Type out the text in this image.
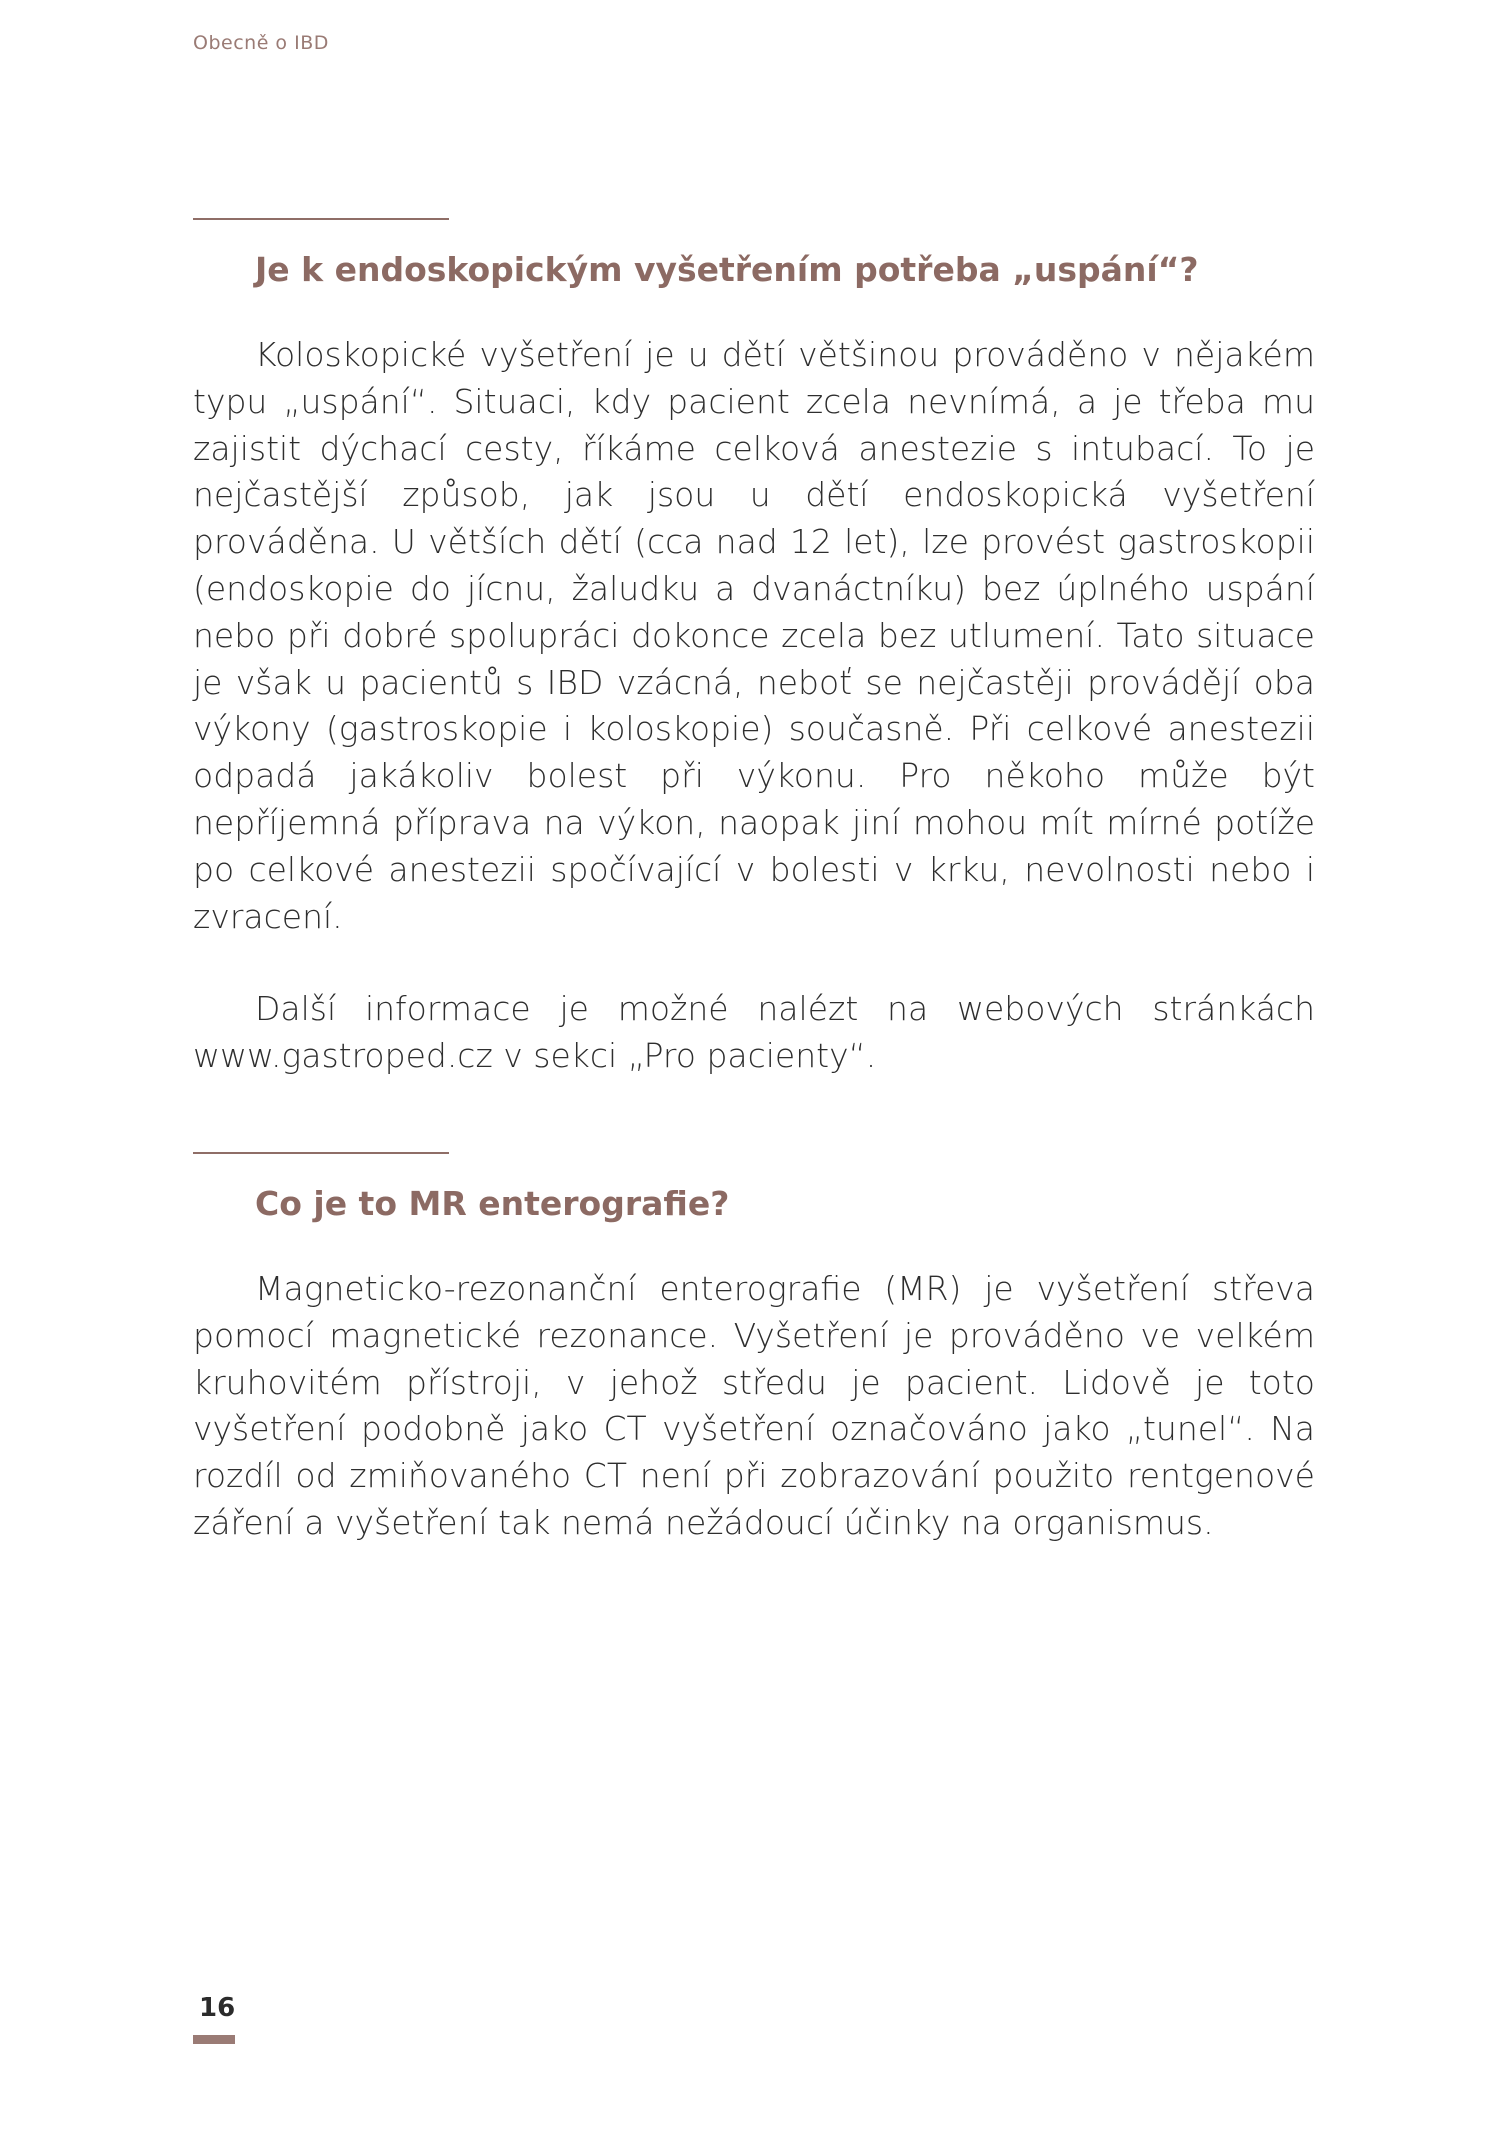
Obecně o IBD
Je k endoskopickým vyšetřením potřeba „uspání“?

Koloskopické vyšetření je u dětí většinou prováděno v nějakém typu „uspání“. Situaci, kdy pacient zcela nevnímá, a je třeba mu zajistit dýchací cesty, říkáme celková anestezie s intubací. To je nejčastější způsob, jak jsou u dětí endoskopická vyšetření prováděna. U větších dětí (cca nad 12 let), lze provést gastroskopii (endoskopie do jícnu, žaludku a dvanáctníku) bez úplného uspání nebo při dobré spolupráci dokonce zcela bez utlumení. Tato situace je však u pacientů s IBD vzácná, neboť se nejčastěji provádějí oba výkony (gastroskopie i koloskopie) současně. Při celkové anestezii odpadá jakákoliv bolest při výkonu. Pro někoho může být nepříjemná příprava na výkon, naopak jiní mohou mít mírné potíže po celkové anestezii spočívající v bolesti v krku, nevolnosti nebo i zvracení.

Další informace je možné nalézt na webových stránkách www.gastroped.cz v sekci „Pro pacienty“.

Co je to MR enterografie?

Magneticko-rezonanční enterografie (MR) je vyšetření střeva pomocí magnetické rezonance. Vyšetření je prováděno ve velkém kruhovitém přístroji, v jehož středu je pacient. Lidově je toto vyšetření podobně jako CT vyšetření označováno jako „tunel“. Na rozdíl od zmiňovaného CT není při zobrazování použito rentgenové záření a vyšetření tak nemá nežádoucí účinky na organismus.

16
